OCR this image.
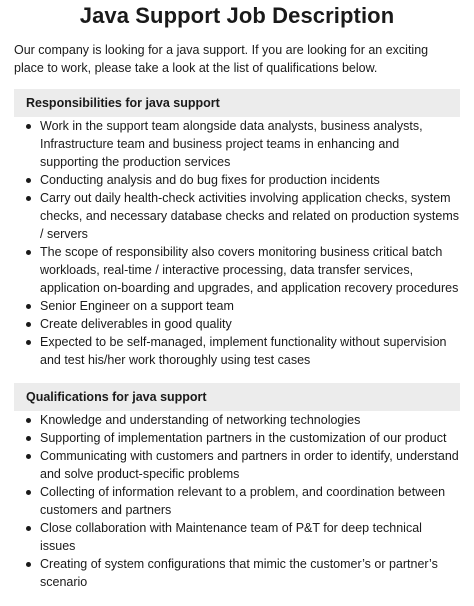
Java Support Job Description
Our company is looking for a java support. If you are looking for an exciting place to work, please take a look at the list of qualifications below.
Responsibilities for java support
Work in the support team alongside data analysts, business analysts, Infrastructure team and business project teams in enhancing and supporting the production services
Conducting analysis and do bug fixes for production incidents
Carry out daily health-check activities involving application checks, system checks, and necessary database checks and related on production systems / servers
The scope of responsibility also covers monitoring business critical batch workloads, real-time / interactive processing, data transfer services, application on-boarding and upgrades, and application recovery procedures
Senior Engineer on a support team
Create deliverables in good quality
Expected to be self-managed, implement functionality without supervision and test his/her work thoroughly using test cases
Qualifications for java support
Knowledge and understanding of networking technologies
Supporting of implementation partners in the customization of our product
Communicating with customers and partners in order to identify, understand and solve product-specific problems
Collecting of information relevant to a problem, and coordination between customers and partners
Close collaboration with Maintenance team of P&T for deep technical issues
Creating of system configurations that mimic the customer’s or partner’s scenario
